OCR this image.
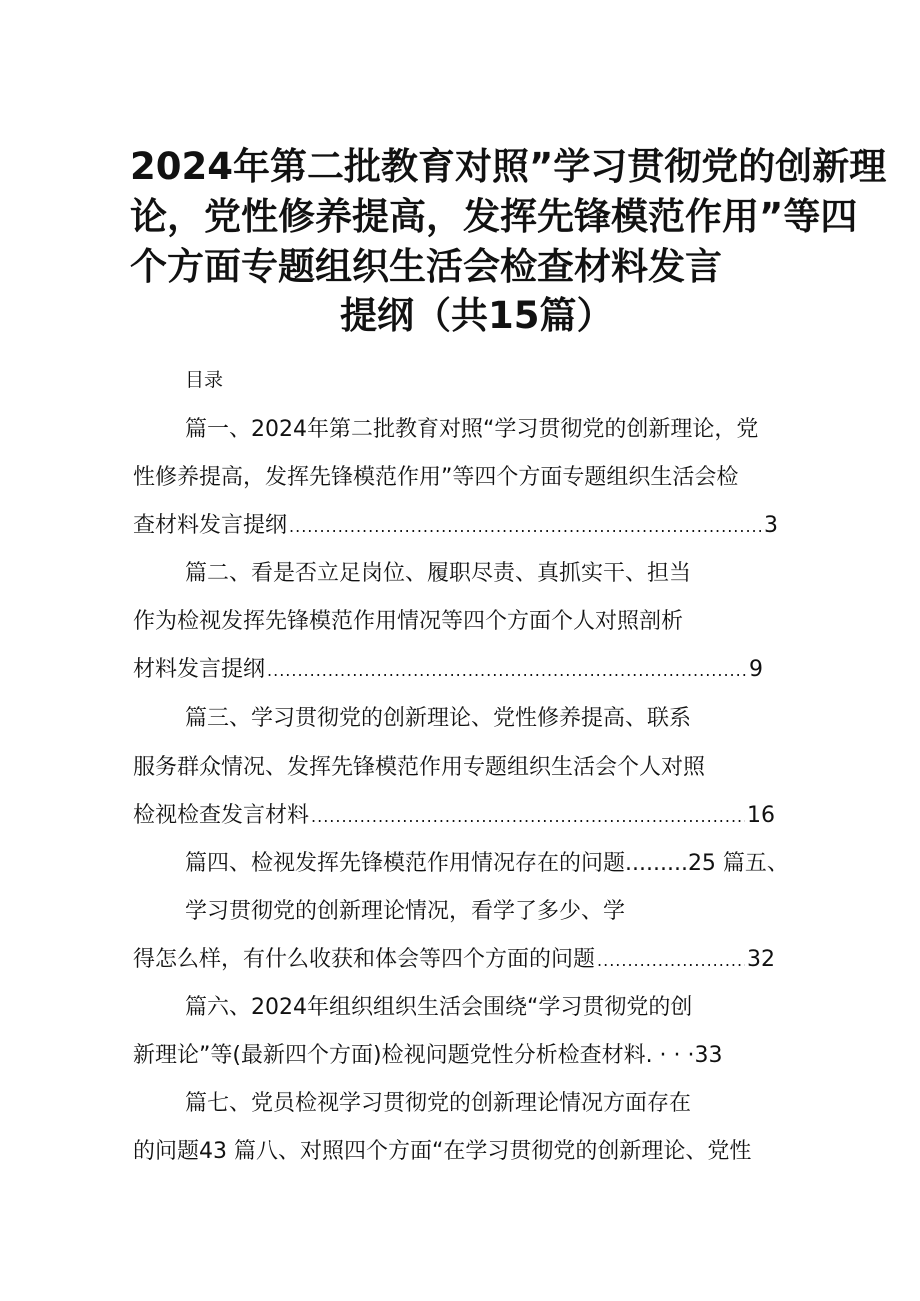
2024年第二批教育对照”学习贯彻党的创新理
论，党性修养提高，发挥先锋模范作用”等四
个方面专题组织生活会检查材料发言
提纲（共15篇）
目录
篇一、2024年第二批教育对照“学习贯彻党的创新理论，党
性修养提高，发挥先锋模范作用”等四个方面专题组织生活会检
查材料发言提纲 .....	3
篇二、看是否立足岗位、履职尽责、真抓实干、担当
作为检视发挥先锋模范作用情况等四个方面个人对照剖析
材料发言提纲 .....	9
篇三、学习贯彻党的创新理论、党性修养提高、联系
服务群众情况、发挥先锋模范作用专题组织生活会个人对照
检视检查发言材料 .....	16
篇四、检视发挥先锋模范作用情况存在的问题.........25 篇五、
学习贯彻党的创新理论情况，看学了多少、学
得怎么样，有什么收获和体会等四个方面的问题 .....	32
篇六、2024年组织组织生活会围绕“学习贯彻党的创
新理论”等(最新四个方面)检视问题党性分析检查材料. · · · 33
篇七、党员检视学习贯彻党的创新理论情况方面存在
的问题43 篇八、对照四个方面“在学习贯彻党的创新理论、党性
